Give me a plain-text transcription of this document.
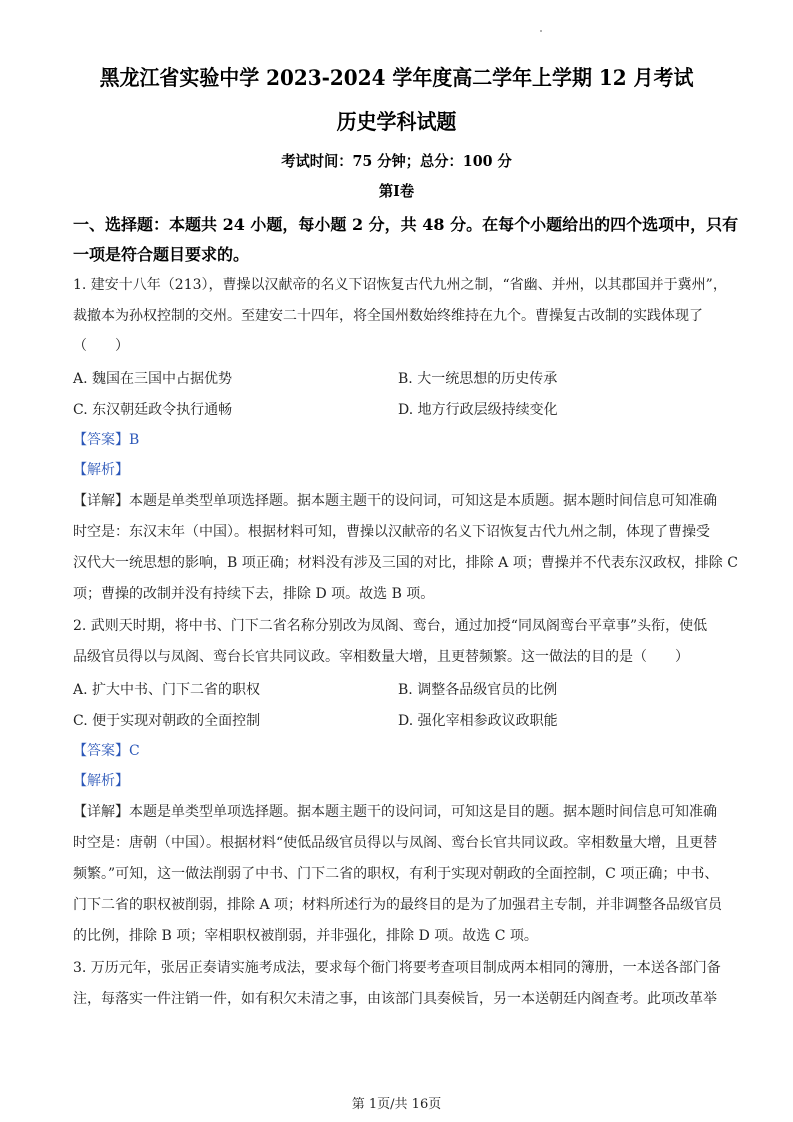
黑龙江省实验中学 2023-2024 学年度高二学年上学期 12 月考试
历史学科试题
考试时间：75 分钟；总分：100 分
第Ⅰ卷
一、选择题：本题共 24 小题，每小题 2 分，共 48 分。在每个小题给出的四个选项中，只有
一项是符合题目要求的。
1. 建安十八年（213），曹操以汉献帝的名义下诏恢复古代九州之制，“省幽、并州，以其郡国并于冀州”，
裁撤本为孙权控制的交州。至建安二十四年，将全国州数始终维持在九个。曹操复古改制的实践体现了
（　　）
A. 魏国在三国中占据优势	B. 大一统思想的历史传承
C. 东汉朝廷政令执行通畅	D. 地方行政层级持续变化
【答案】B
【解析】
【详解】本题是单类型单项选择题。据本题主题干的设问词，可知这是本质题。据本题时间信息可知准确
时空是：东汉末年（中国）。根据材料可知，曹操以汉献帝的名义下诏恢复古代九州之制，体现了曹操受
汉代大一统思想的影响，B 项正确；材料没有涉及三国的对比，排除 A 项；曹操并不代表东汉政权，排除 C
项；曹操的改制并没有持续下去，排除 D 项。故选 B 项。
2. 武则天时期，将中书、门下二省名称分别改为凤阁、鸾台，通过加授“同凤阁鸾台平章事”头衔，使低
品级官员得以与凤阁、鸾台长官共同议政。宰相数量大增，且更替频繁。这一做法的目的是（　　）
A. 扩大中书、门下二省的职权	B. 调整各品级官员的比例
C. 便于实现对朝政的全面控制	D. 强化宰相参政议政职能
【答案】C
【解析】
【详解】本题是单类型单项选择题。据本题主题干的设问词，可知这是目的题。据本题时间信息可知准确
时空是：唐朝（中国）。根据材料“使低品级官员得以与凤阁、鸾台长官共同议政。宰相数量大增，且更替
频繁。”可知，这一做法削弱了中书、门下二省的职权，有利于实现对朝政的全面控制，C 项正确；中书、
门下二省的职权被削弱，排除 A 项；材料所述行为的最终目的是为了加强君主专制，并非调整各品级官员
的比例，排除 B 项；宰相职权被削弱，并非强化，排除 D 项。故选 C 项。
3. 万历元年，张居正奏请实施考成法，要求每个衙门将要考查项目制成两本相同的簿册，一本送各部门备
注，每落实一件注销一件，如有积欠未清之事，由该部门具奏候旨，另一本送朝廷内阁查考。此项改革举
第 1页/共 16页
